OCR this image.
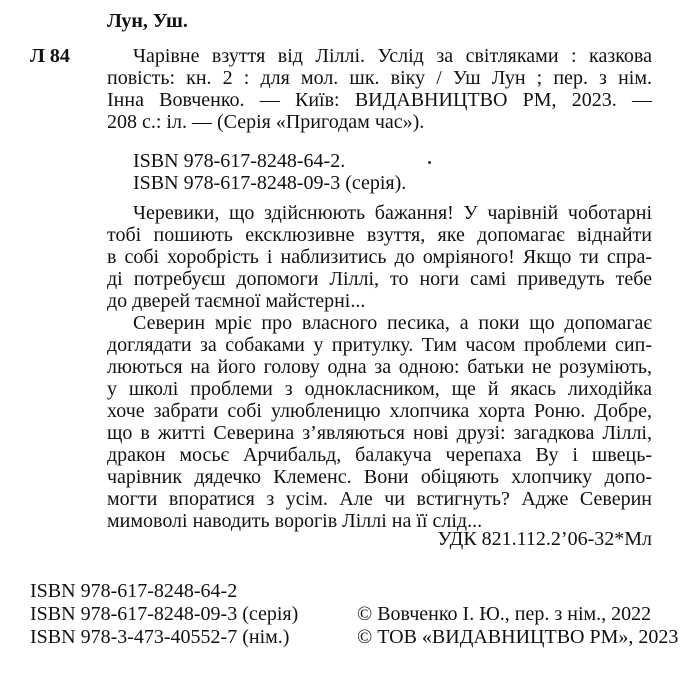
Лун, Уш.
Л 84	Чарівне взуття від Ліллі. Услід за світляками : казкова
повість: кн. 2 : для мол. шк. віку / Уш Лун ; пер. з нім.
Інна Вовченко. — Київ: ВИДАВНИЦТВО РМ, 2023. —
208 с.: іл. — (Серія «Пригодам час»).
ISBN 978-617-8248-64-2.
ISBN 978-617-8248-09-3 (серія).
Черевики, що здійснюють бажання! У чарівній чоботарні
тобі пошиють ексклюзивне взуття, яке допомагає віднайти
в собі хоробрість і наблизитись до омріяного! Якщо ти спра-
ді потребуєш допомоги Ліллі, то ноги самі приведуть тебе
до дверей таємної майстерні...
Северин мріє про власного песика, а поки що допомагає
доглядати за собаками у притулку. Тим часом проблеми сип-
люються на його голову одна за одною: батьки не розуміють,
у школі проблеми з однокласником, ще й якась лиходійка
хоче забрати собі улюбленицю хлопчика хорта Роню. Добре,
що в житті Северина з’являються нові друзі: загадкова Ліллі,
дракон мосьє Арчибальд, балакуча черепаха Ву і швець-
чарівник дядечко Клеменс. Вони обіцяють хлопчику допо-
могти впоратися з усім. Але чи встигнуть? Адже Северин
мимоволі наводить ворогів Ліллі на її слід...
УДК 821.112.2’06-32*Мл
ISBN 978-617-8248-64-2
ISBN 978-617-8248-09-3 (серія)
ISBN 978-3-473-40552-7 (нім.)
© Вовченко І. Ю., пер. з нім., 2022
© ТОВ «ВИДАВНИЦТВО РМ», 2023
